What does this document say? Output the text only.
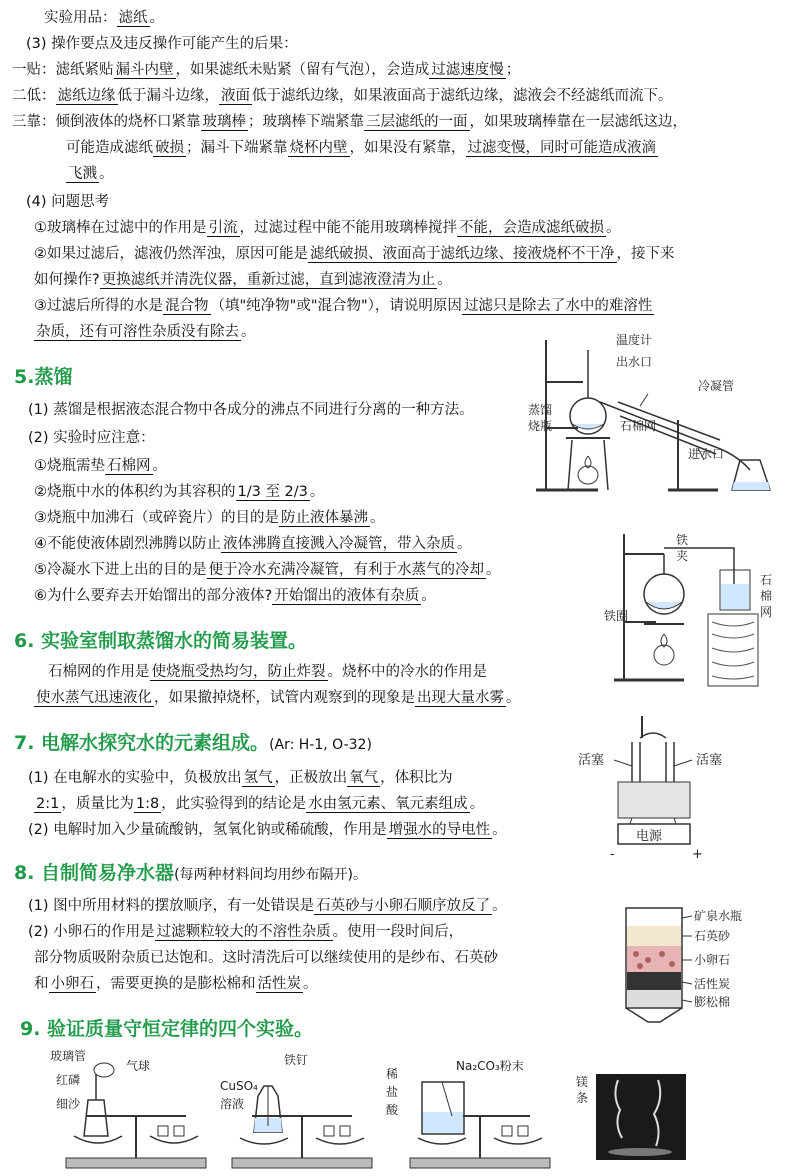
实验用品： 滤纸 。
(3) 操作要点及违反操作可能产生的后果：
一贴：滤纸紧贴 漏斗内壁 ，如果滤纸未贴紧（留有气泡），会造成 过滤速度慢 ；
二低： 滤纸边缘 低于漏斗边缘， 液面 低于滤纸边缘，如果液面高于滤纸边缘，滤液会不经滤纸而流下。
三靠：倾倒液体的烧杯口紧靠 玻璃棒 ；玻璃棒下端紧靠 三层滤纸的一面 ，如果玻璃棒靠在一层滤纸这边，
可能造成滤纸 破损 ；漏斗下端紧靠 烧杯内壁 ，如果没有紧靠， 过滤变慢，同时可能造成液滴
飞溅 。
(4) 问题思考
①玻璃棒在过滤中的作用是 引流 ，过滤过程中能不能用玻璃棒搅拌 不能，会造成滤纸破损 。
②如果过滤后，滤液仍然浑浊，原因可能是 滤纸破损、液面高于滤纸边缘、接液烧杯不干净 ，接下来
如何操作? 更换滤纸并清洗仪器，重新过滤，直到滤液澄清为止 。
③过滤后所得的水是 混合物 （填"纯净物"或"混合物"），请说明原因 过滤只是除去了水中的难溶性
杂质，还有可溶性杂质没有除去 。
5.蒸馏
(1) 蒸馏是根据液态混合物中各成分的沸点不同进行分离的一种方法。
(2) 实验时应注意：
①烧瓶需垫 石棉网 。
②烧瓶中水的体积约为其容积的 1/3 至 2/3 。
③烧瓶中加沸石（或碎瓷片）的目的是 防止液体暴沸 。
④不能使液体剧烈沸腾以防止 液体沸腾直接溅入冷凝管，带入杂质 。
⑤冷凝水下进上出的目的是 便于冷水充满冷凝管，有利于水蒸气的冷却 。
⑥为什么要弃去开始馏出的部分液体? 开始馏出的液体有杂质 。
温度计
出水口
冷凝管
蒸馏
烧瓶	石棉网
进水口
铁
夹
石
棉
网
铁圈
6. 实验室制取蒸馏水的简易装置。
石棉网的作用是 使烧瓶受热均匀，防止炸裂 。烧杯中的冷水的作用是
使水蒸气迅速液化 ，如果撤掉烧杯，试管内观察到的现象是 出现大量水雾 。
7. 电解水探究水的元素组成。(Ar: H-1, O-32)
(1) 在电解水的实验中，负极放出 氢气 ，正极放出 氧气 ，体积比为
2:1 ，质量比为 1:8 ，此实验得到的结论是 水由氢元素、氧元素组成 。
(2) 电解时加入少量硫酸钠，氢氧化钠或稀硫酸，作用是 增强水的导电性 。
活塞	活塞
电源
-	+
8. 自制简易净水器(每两种材料间均用纱布隔开)。
(1) 图中所用材料的摆放顺序，有一处错误是 石英砂与小卵石顺序放反了 。
(2) 小卵石的作用是 过滤颗粒较大的不溶性杂质 。使用一段时间后，
部分物质吸附杂质已达饱和。这时清洗后可以继续使用的是纱布、石英砂
和 小卵石 ，需要更换的是膨松棉和 活性炭 。
矿泉水瓶
石英砂
小卵石
活性炭
膨松棉
9. 验证质量守恒定律的四个实验。
玻璃管
气球
红磷
细沙
CuSO₄
溶液
铁钉
稀
盐
酸
Na₂CO₃粉末
镁
条
